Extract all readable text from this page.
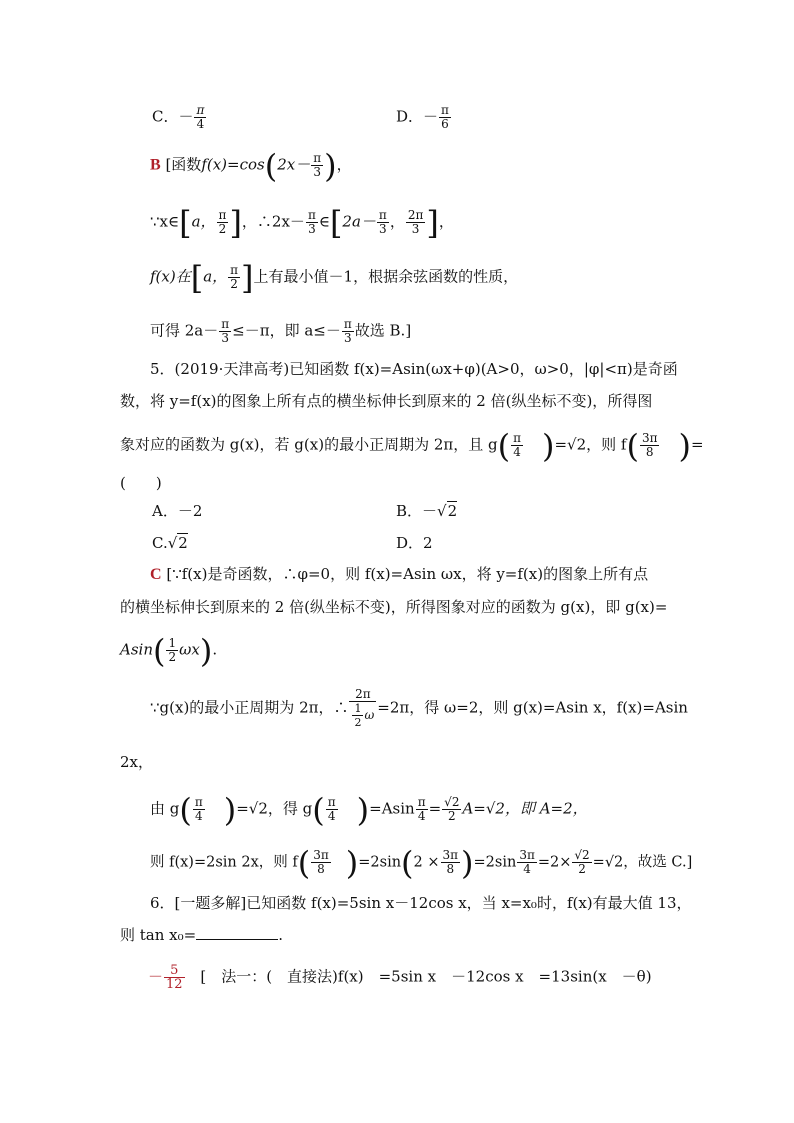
C．－ $\frac{\pi}{4}$	D．－ $\frac{\pi}{6}$
B [函数$f(x)=\cos(2x- \frac{\pi}{3}$ )，
∵x∈[a， $\frac{\pi}{2}$ ]，∴2x－ $\frac{\pi}{3}$ ∈[2a－ $\frac{\pi}{3}$ ， $\frac{2\pi}{3}$ ]，
f(x)在[a， $\frac{\pi}{2}$ ]上有最小值－1，根据余弦函数的性质，
可得 $2a- \frac{\pi}{3} \le-\pi$，即 $a\le- \frac{\pi}{3}$ 故选 B.]
5．(2019·天津高考)已知函数 f(x)=Asin(ωx+φ)(A>0，ω>0，|φ|<π)是奇函
数，将 y=f(x)的图象上所有点的横坐标伸长到原来的 2 倍(纵坐标不变)，所得图
象对应的函数为 g(x)，若 g(x)的最小正周期为 2π，且 $g( \frac{\pi}{4} )=√2$，则 $f( \frac{3\pi}{8}$ )=
(　　)
A．－2	B．－√2
C.√2	D．2
C [∵f(x)是奇函数，∴φ=0，则 f(x)=Asin ωx，将 y=f(x)的图象上所有点
的横坐标伸长到原来的 2 倍(纵坐标不变)，所得图象对应的函数为 g(x)，即 g(x)=
$Asin( \frac{1}{2} \omega x)$.
∵g(x)的最小正周期为 2π，∴ $\frac{2\pi}{\frac{1}{2} \omega} =2\pi$，得 ω=2，则 g(x)=Asin x，f(x)=Asin
2x，
由 $g( \frac{\pi}{4} )=√2$，得 $g( \frac{\pi}{4} )=Asin \frac{\pi}{4} = \frac{√2}{2} A=√2$，即 A=2，
则 f(x)=2sin 2x，则 $f( \frac{3\pi}{8} )=2\sin(2 \times \frac{3\pi}{8} )=2\sin \frac{3\pi}{4} =2\times \frac{√2}{2} =√2$，故选 C.]
6．[一题多解]已知函数 f(x)=5sin x－12cos x，当 x=x₀时，f(x)有最大值 13，
则 tan x₀=	.
－ $\frac{5}{12}$ [　法一：(　直接法)f(x)　=5sin x　－12cos x　=13sin(x　－θ)
